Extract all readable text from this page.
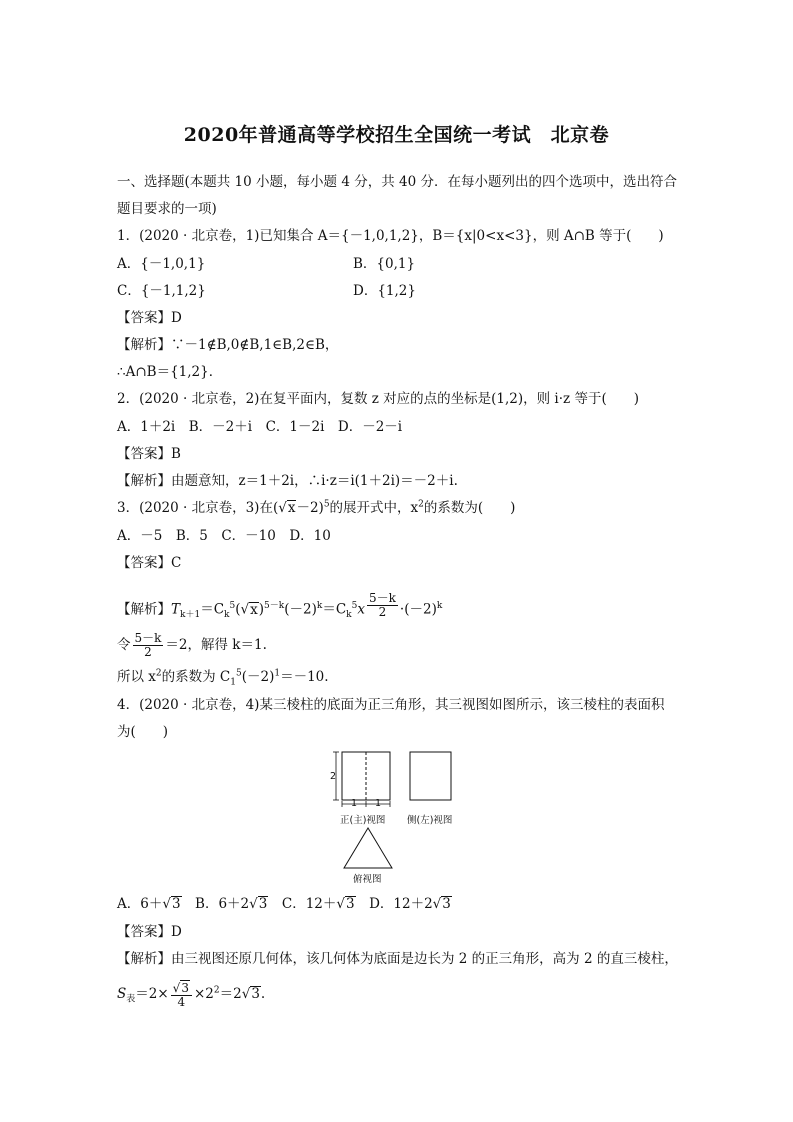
2020年普通高等学校招生全国统一考试　北京卷
一、选择题(本题共 10 小题，每小题 4 分，共 40 分．在每小题列出的四个选项中，选出符合
题目要求的一项)
1．(2020 · 北京卷，1)已知集合 A＝{－1,0,1,2}，B＝{x|0<x<3}，则 A∩B 等于(　　)
A．{－1,0,1}	B．{0,1}
C．{－1,1,2}	D．{1,2}
【答案】D
【解析】∵－1∉B,0∉B,1∈B,2∈B，
∴A∩B＝{1,2}．
2．(2020 · 北京卷，2)在复平面内，复数 z 对应的点的坐标是(1,2)，则 i·z 等于(　　)
A．1＋2i　B．－2＋i　C．1－2i　D．－2－i
【答案】B
【解析】由题意知，z＝1＋2i，∴i·z＝i(1＋2i)＝－2＋i.
3．(2020 · 北京卷，3)在$(√x-2)^5$的展开式中，$x^2$的系数为(　　)
A．－5　B．5　C．－10　D．10
【答案】C
【解析】$T_{k+1}=C_k^5(√x)^{5-k}(-2)^k=C_k^5x$ $^{\frac{5-k}{2}} \cdot(-2)^k$
令 $\frac{5-k}{2} =2$，解得 k＝1.
所以 $x^2$的系数为 $C_1^5(-2)^1=-10$.
4．(2020 · 北京卷，4)某三棱柱的底面为正三角形，其三视图如图所示，该三棱柱的表面积
为(　　)
2
1 1
正(主)视图 侧(左)视图
俯视图
A．6＋√3　 B．6＋2√3　 C．12＋√3　 D．12＋2√3
【答案】D
【解析】由三视图还原几何体，该几何体为底面是边长为 2 的正三角形，高为 2 的直三棱柱，
$S_表=2\times \frac{√3}{4} \times 2^2=2√3$.
